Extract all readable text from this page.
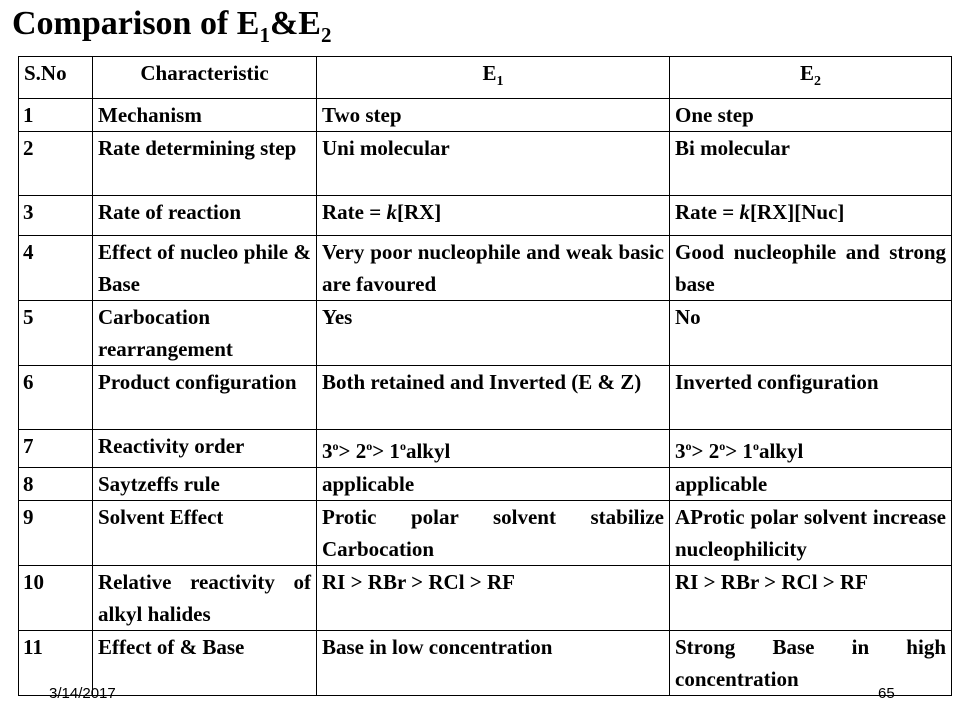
Comparison of $E_1\&E_2$
S.No	Characteristic	$E_1$	$E_2$
1	Mechanism	Two step	One step
2	Rate determining step	Uni molecular	Bi molecular
3	Rate of reaction	Rate = k[RX]	Rate = k[RX][Nuc]
4	Effect of nucleo phile & Base	Very poor nucleophile and weak basic are favoured	Good nucleophile and strong base
5	Carbocation rearrangement	Yes	No
6	Product configuration	Both retained and Inverted (E & Z)	Inverted configuration
7	Reactivity order	$3^o> 2^o>$ $1^oalkyl$	$3^o> 2^o>$ $1^oalkyl$
8	Saytzeffs rule	applicable	applicable
9	Solvent Effect	Protic polar solvent stabilize Carbocation	AProtic polar solvent increase nucleophilicity
10	Relative reactivity of alkyl halides	RI > RBr > RCl > RF	RI > RBr > RCl > RF
11	Effect of & Base	Base in low concentration	Strong Base in high concentration
3/14/2017	65
